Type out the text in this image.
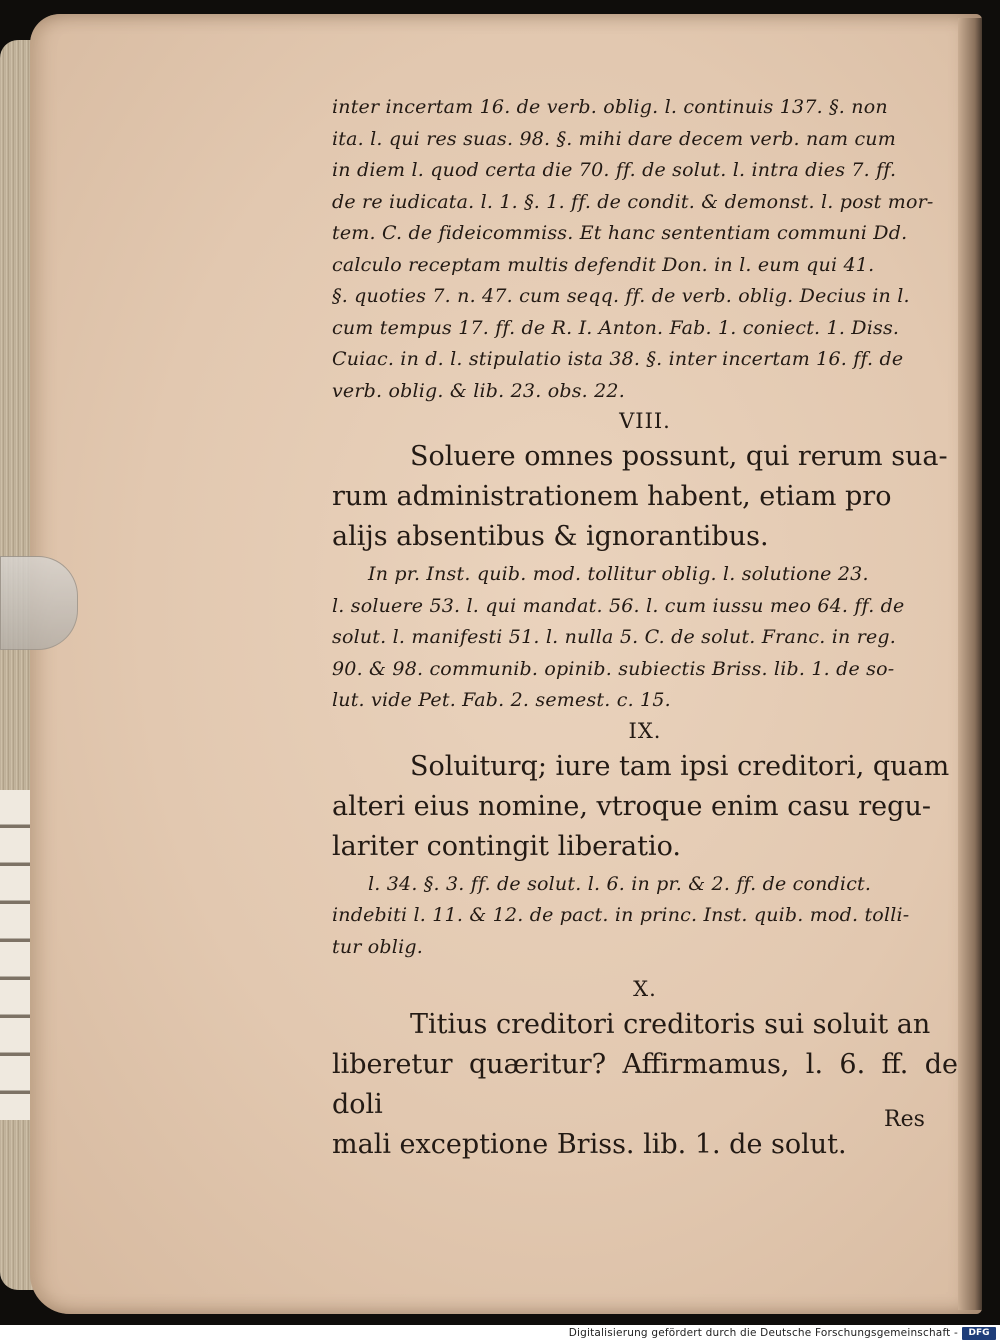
inter incertam 16. de verb. oblig. l. continuis 137. §. non
ita. l. qui res suas. 98. §. mihi dare decem verb. nam cum
in diem l. quod certa die 70. ff. de solut. l. intra dies 7. ff.
de re iudicata. l. 1. §. 1. ff. de condit. & demonst. l. post mor-
tem. C. de fideicommiss. Et hanc sententiam communi Dd.
calculo receptam multis defendit Don. in l. eum qui 41.
§. quoties 7. n. 47. cum seqq. ff. de verb. oblig. Decius in l.
cum tempus 17. ff. de R. I. Anton. Fab. 1. coniect. 1. Diss.
Cuiac. in d. l. stipulatio ista 38. §. inter incertam 16. ff. de
verb. oblig. & lib. 23. obs. 22.
VIII.
Soluere omnes possunt, qui rerum sua-
rum administrationem habent, etiam pro
alijs absentibus & ignorantibus.
In pr. Inst. quib. mod. tollitur oblig. l. solutione 23.
l. soluere 53. l. qui mandat. 56. l. cum iussu meo 64. ff. de
solut. l. manifesti 51. l. nulla 5. C. de solut. Franc. in reg.
90. & 98. communib. opinib. subiectis Briss. lib. 1. de so-
lut. vide Pet. Fab. 2. semest. c. 15.
IX.
Soluiturq; iure tam ipsi creditori, quam
alteri eius nomine, vtroque enim casu regu-
lariter contingit liberatio.
l. 34. §. 3. ff. de solut. l. 6. in pr. & 2. ff. de condict.
indebiti l. 11. & 12. de pact. in princ. Inst. quib. mod. tolli-
tur oblig.
X.
Titius creditori creditoris sui soluit an
liberetur quæritur? Affirmamus, l. 6. ff. de doli
mali exceptione Briss. lib. 1. de solut.
Res
Digitalisierung gefördert durch die Deutsche Forschungsgemeinschaft -	DFG
